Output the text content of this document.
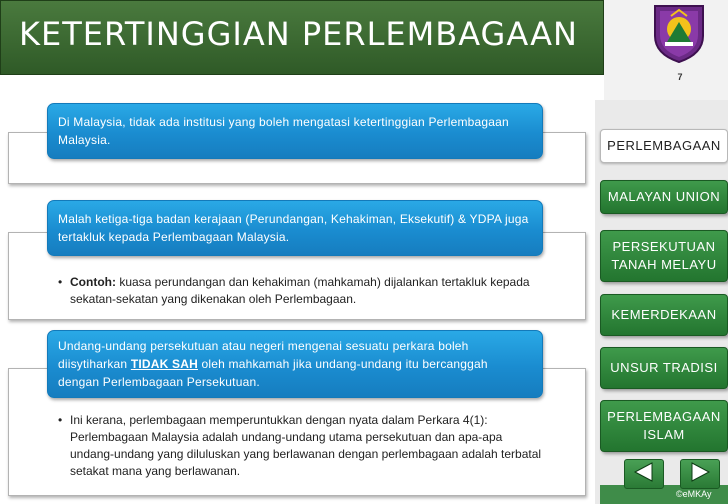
KETERTINGGIAN PERLEMBAGAAN
7
Di Malaysia, tidak ada institusi yang boleh mengatasi ketertinggian Perlembagaan Malaysia.
Malah ketiga-tiga badan kerajaan (Perundangan, Kehakiman, Eksekutif) & YDPA juga tertakluk kepada Perlembagaan Malaysia.
• Contoh: kuasa perundangan dan kehakiman (mahkamah) dijalankan tertakluk kepada sekatan-sekatan yang dikenakan oleh Perlembagaan.
Undang-undang persekutuan atau negeri mengenai sesuatu perkara boleh diisytiharkan TIDAK SAH oleh mahkamah jika undang-undang itu bercanggah dengan Perlembagaan Persekutuan.
• Ini kerana, perlembagaan memperuntukkan dengan nyata dalam Perkara 4(1): Perlembagaan Malaysia adalah undang-undang utama persekutuan dan apa-apa undang-undang yang diluluskan yang berlawanan dengan perlembagaan adalah terbatal setakat mana yang berlawanan.
PERLEMBAGAAN
MALAYAN UNION
PERSEKUTUAN TANAH MELAYU
KEMERDEKAAN
UNSUR TRADISI
PERLEMBAGAAN ISLAM
©eMKAy
